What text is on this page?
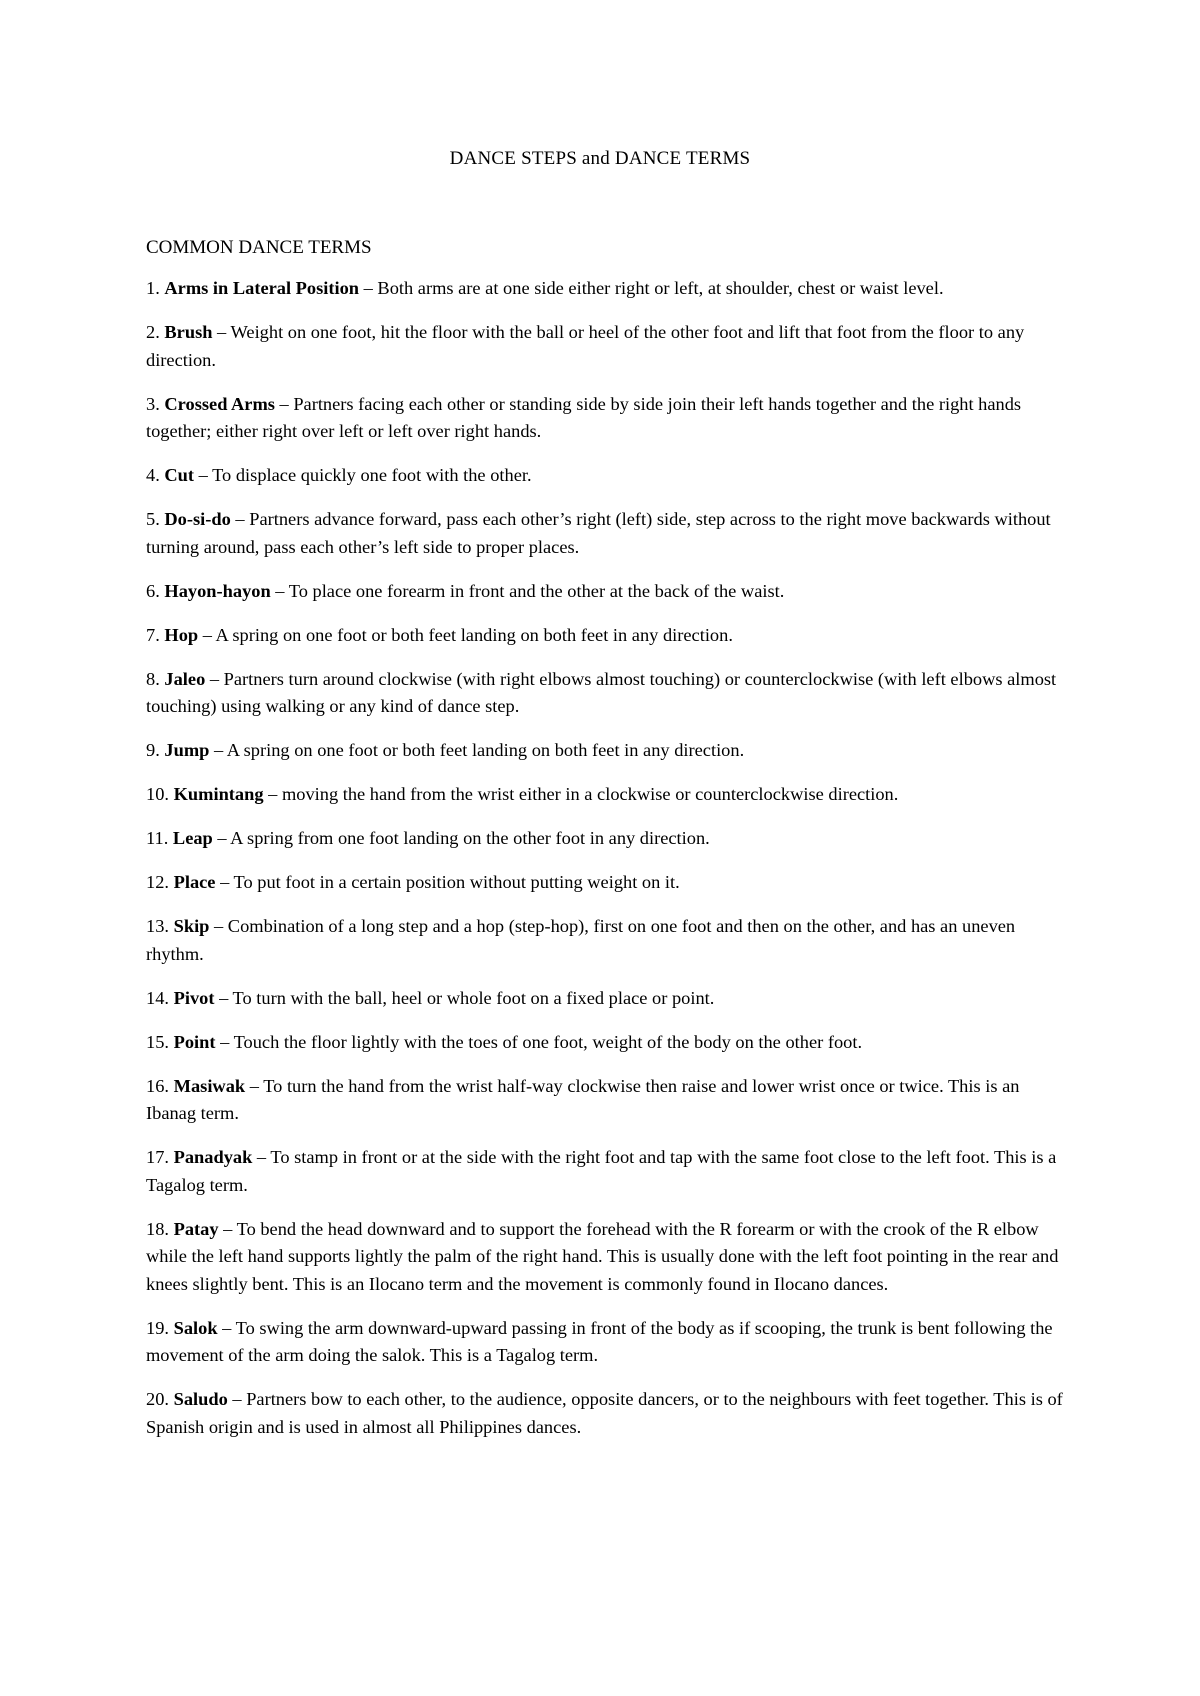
DANCE STEPS and DANCE TERMS
COMMON DANCE TERMS
1. Arms in Lateral Position – Both arms are at one side either right or left, at shoulder, chest or waist level.
2. Brush – Weight on one foot, hit the floor with the ball or heel of the other foot and lift that foot from the floor to any direction.
3. Crossed Arms – Partners facing each other or standing side by side join their left hands together and the right hands together; either right over left or left over right hands.
4. Cut – To displace quickly one foot with the other.
5. Do-si-do – Partners advance forward, pass each other’s right (left) side, step across to the right move backwards without turning around, pass each other’s left side to proper places.
6. Hayon-hayon – To place one forearm in front and the other at the back of the waist.
7. Hop – A spring on one foot or both feet landing on both feet in any direction.
8. Jaleo – Partners turn around clockwise (with right elbows almost touching) or counterclockwise (with left elbows almost touching) using walking or any kind of dance step.
9. Jump – A spring on one foot or both feet landing on both feet in any direction.
10. Kumintang – moving the hand from the wrist either in a clockwise or counterclockwise direction.
11. Leap – A spring from one foot landing on the other foot in any direction.
12. Place – To put foot in a certain position without putting weight on it.
13. Skip – Combination of a long step and a hop (step-hop), first on one foot and then on the other, and has an uneven rhythm.
14. Pivot – To turn with the ball, heel or whole foot on a fixed place or point.
15. Point – Touch the floor lightly with the toes of one foot, weight of the body on the other foot.
16. Masiwak – To turn the hand from the wrist half-way clockwise then raise and lower wrist once or twice. This is an Ibanag term.
17. Panadyak – To stamp in front or at the side with the right foot and tap with the same foot close to the left foot. This is a Tagalog term.
18. Patay – To bend the head downward and to support the forehead with the R forearm or with the crook of the R elbow while the left hand supports lightly the palm of the right hand. This is usually done with the left foot pointing in the rear and knees slightly bent. This is an Ilocano term and the movement is commonly found in Ilocano dances.
19. Salok – To swing the arm downward-upward passing in front of the body as if scooping, the trunk is bent following the movement of the arm doing the salok. This is a Tagalog term.
20. Saludo – Partners bow to each other, to the audience, opposite dancers, or to the neighbours with feet together. This is of Spanish origin and is used in almost all Philippines dances.
